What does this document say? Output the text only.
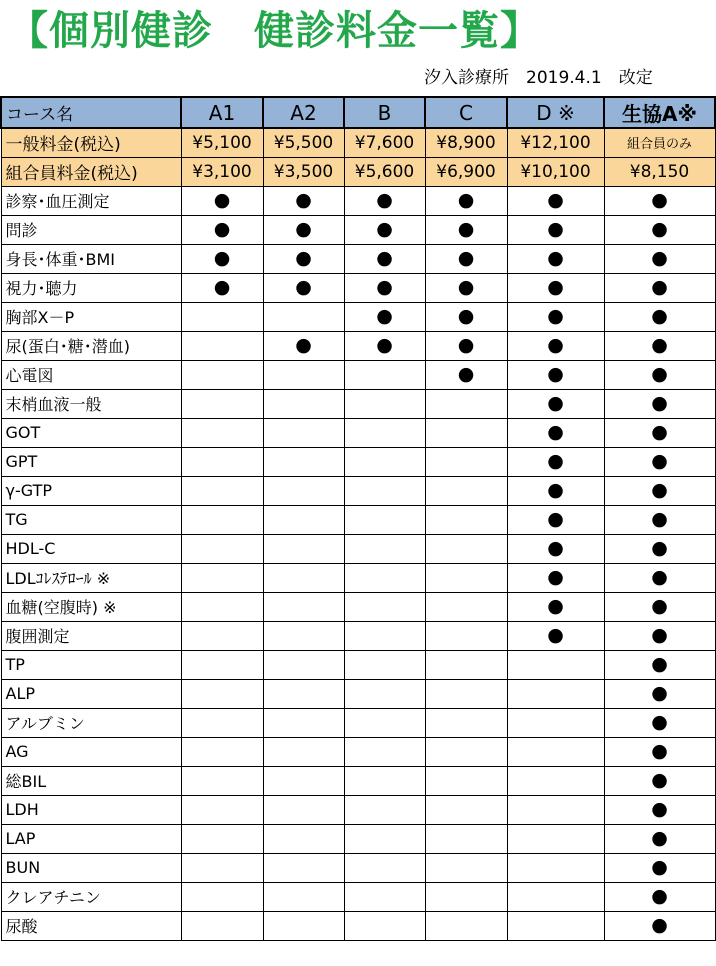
【個別健診　健診料金一覧】
汐入診療所　2019.4.1　改定
コース名	A1	A2	B	C	D ※	生協A※
一般料金(税込)	¥5,100	¥5,500	¥7,600	¥8,900	¥12,100	組合員のみ
組合員料金(税込)	¥3,100	¥3,500	¥5,600	¥6,900	¥10,100	¥8,150
診察･血圧測定	●	●	●	●	●	●
問診	●	●	●	●	●	●
身長･体重･BMI	●	●	●	●	●	●
視力･聴力	●	●	●	●	●	●
胸部X－P			●	●	●	●
尿(蛋白･糖･潜血)		●	●	●	●	●
心電図				●	●	●
末梢血液一般					●	●
GOT					●	●
GPT					●	●
γ-GTP					●	●
TG					●	●
HDL-C					●	●
LDLｺﾚｽﾃﾛｰﾙ ※					●	●
血糖(空腹時) ※					●	●
腹囲測定					●	●
TP						●
ALP						●
アルブミン						●
AG						●
総BIL						●
LDH						●
LAP						●
BUN						●
クレアチニン						●
尿酸						●
